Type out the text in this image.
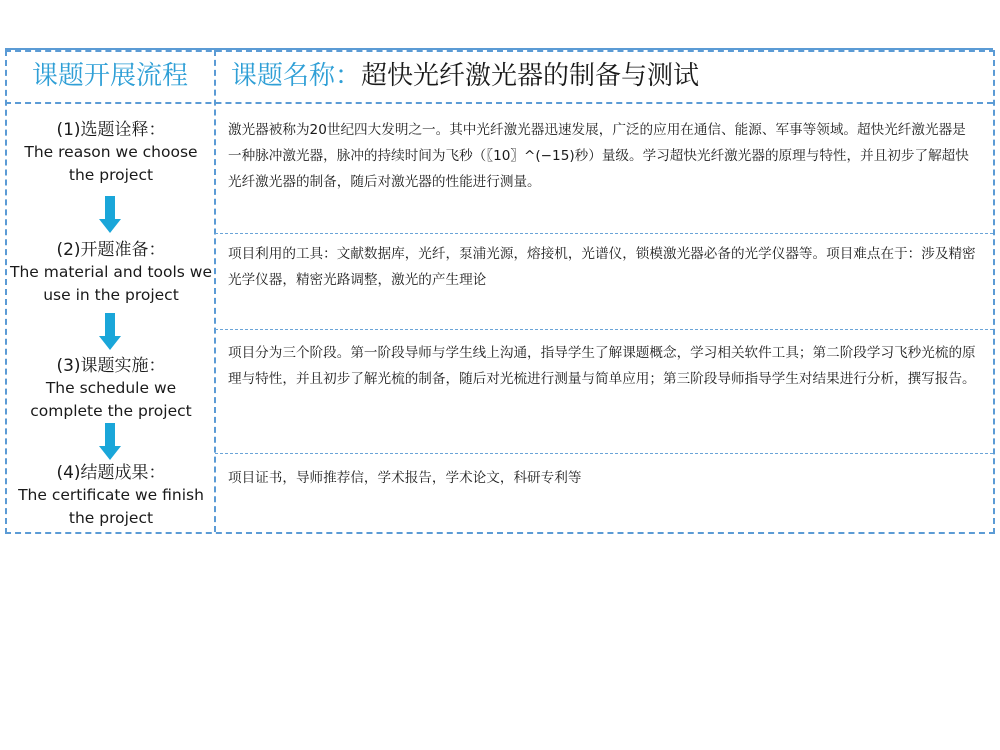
课题开展流程	课题名称：超快光纤激光器的制备与测试
(1)选题诠释：
The reason we choose
the project
(2)开题准备：
The material and tools we
use in the project
(3)课题实施：
The schedule we
complete the project
(4)结题成果：
The certificate we finish
the project
激光器被称为20世纪四大发明之一。其中光纤激光器迅速发展，广泛的应用在通信、能源、军事等领域。超快光纤激光器是一种脉冲激光器，脉冲的持续时间为飞秒（〖10〗^(−15)秒）量级。学习超快光纤激光器的原理与特性，并且初步了解超快光纤激光器的制备，随后对激光器的性能进行测量。
项目利用的工具：文献数据库，光纤，泵浦光源，熔接机，光谱仪，锁模激光器必备的光学仪器等。项目难点在于：涉及精密光学仪器，精密光路调整，激光的产生理论
项目分为三个阶段。第一阶段导师与学生线上沟通，指导学生了解课题概念，学习相关软件工具；第二阶段学习飞秒光梳的原理与特性，并且初步了解光梳的制备，随后对光梳进行测量与简单应用；第三阶段导师指导学生对结果进行分析，撰写报告。
项目证书，导师推荐信，学术报告，学术论文，科研专利等
